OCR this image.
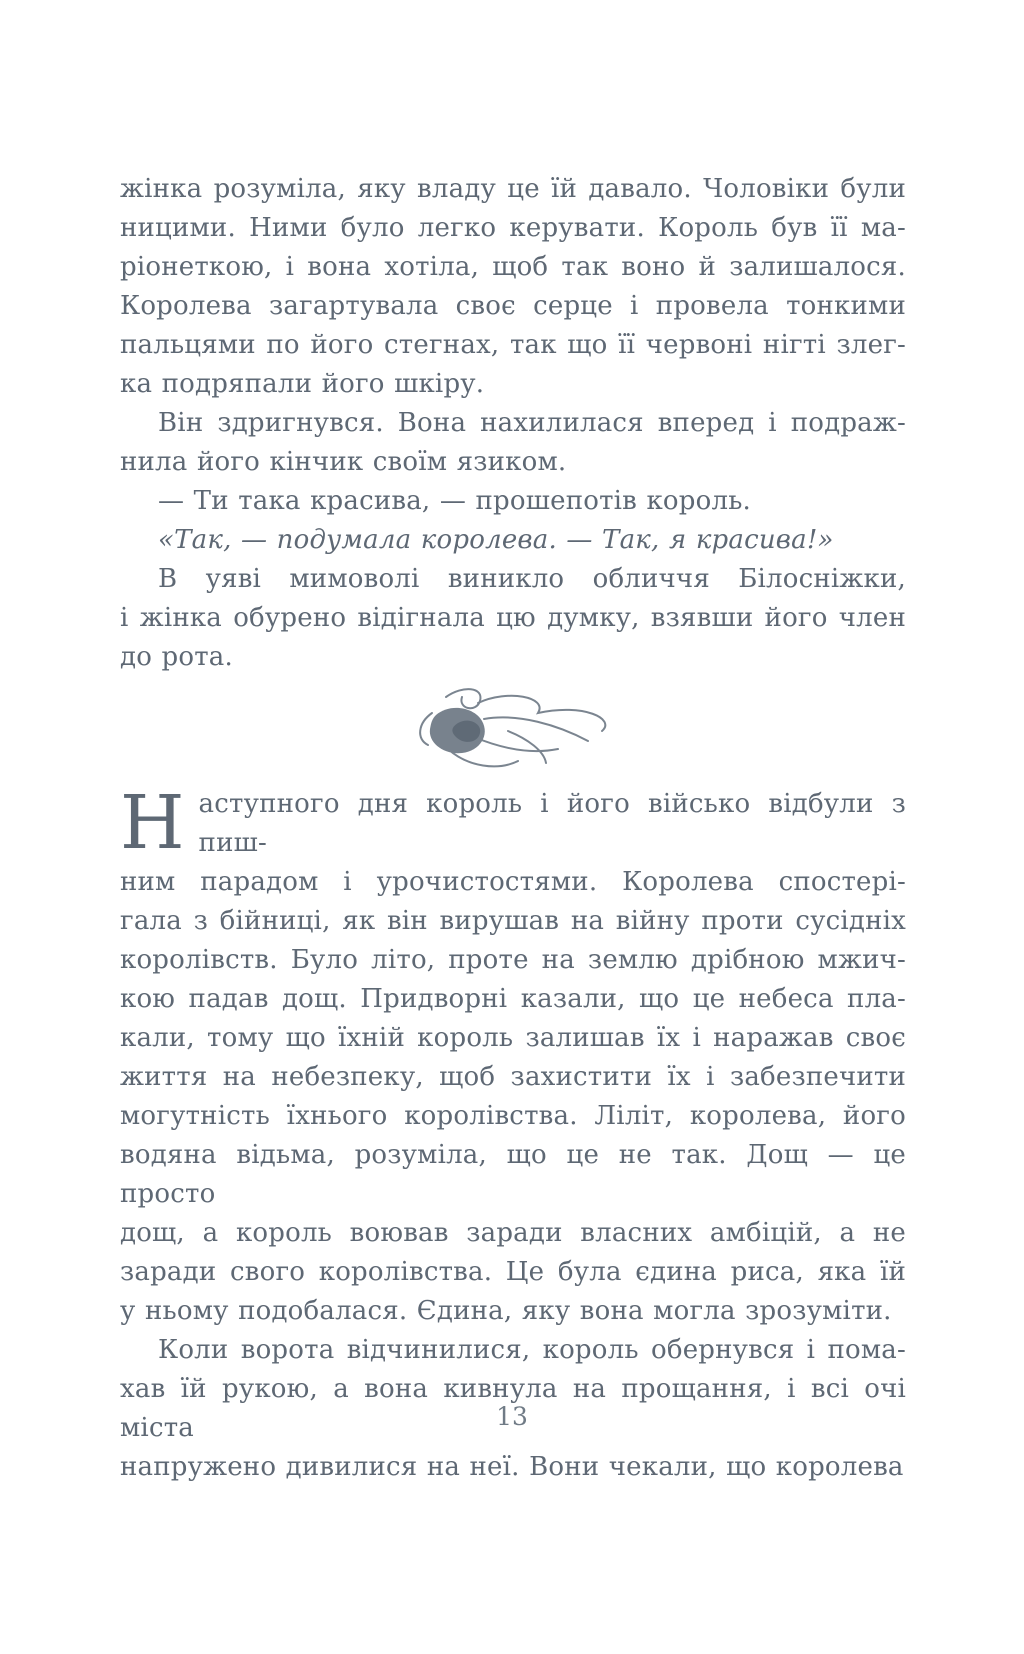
жінка розуміла, яку владу це їй давало. Чоловіки були
ницими. Ними було легко керувати. Король був її ма-
ріонеткою, і вона хотіла, щоб так воно й залишалося.
Королева загартувала своє серце і провела тонкими
пальцями по його стегнах, так що її червоні нігті злег-
ка подряпали його шкіру.
Він здригнувся. Вона нахилилася вперед і подраж-
нила його кінчик своїм язиком.
— Ти така красива, — прошепотів король.
«Так, — подумала королева. — Так, я красива!»
В уяві мимоволі виникло обличчя Білосніжки,
і жінка обурено відігнала цю думку, взявши його член
до рота.
Н аступного дня король і його військо відбули з пиш-
ним парадом і урочистостями. Королева спостері-
гала з бійниці, як він вирушав на війну проти сусідніх
королівств. Було літо, проте на землю дрібною мжич-
кою падав дощ. Придворні казали, що це небеса пла-
кали, тому що їхній король залишав їх і наражав своє
життя на небезпеку, щоб захистити їх і забезпечити
могутність їхнього королівства. Ліліт, королева, його
водяна відьма, розуміла, що це не так. Дощ — це просто
дощ, а король воював заради власних амбіцій, а не
заради свого королівства. Це була єдина риса, яка їй
у ньому подобалася. Єдина, яку вона могла зрозуміти.
Коли ворота відчинилися, король обернувся і пома-
хав їй рукою, а вона кивнула на прощання, і всі очі міста
напружено дивилися на неї. Вони чекали, що королева
13
